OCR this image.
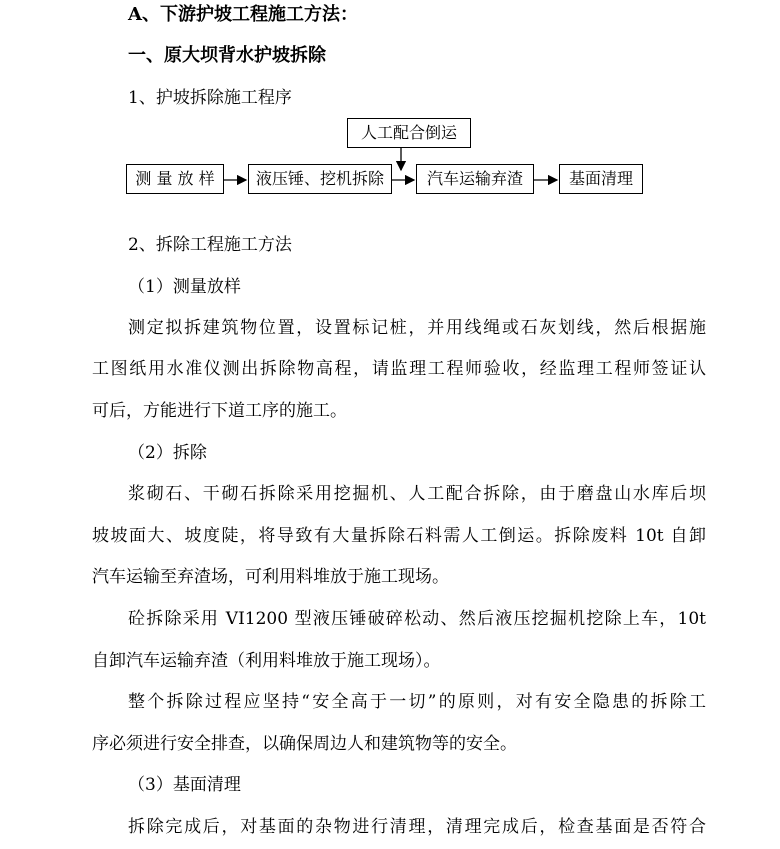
A、下游护坡工程施工方法：
一、原大坝背水护坡拆除
1、护坡拆除施工程序
人工配合倒运
测 量 放 样	液压锤、挖机拆除	汽车运输弃渣	基面清理
2、拆除工程施工方法
（1）测量放样
测定拟拆建筑物位置，设置标记桩，并用线绳或石灰划线，然后根据施
工图纸用水准仪测出拆除物高程，请监理工程师验收，经监理工程师签证认
可后，方能进行下道工序的施工。
（2）拆除
浆砌石、干砌石拆除采用挖掘机、人工配合拆除，由于磨盘山水库后坝
坡坡面大、坡度陡，将导致有大量拆除石料需人工倒运。拆除废料 10t 自卸
汽车运输至弃渣场，可利用料堆放于施工现场。
砼拆除采用 VI1200 型液压锤破碎松动、然后液压挖掘机挖除上车，10t
自卸汽车运输弃渣（利用料堆放于施工现场）。
整个拆除过程应坚持“安全高于一切”的原则，对有安全隐患的拆除工
序必须进行安全排查，以确保周边人和建筑物等的安全。
（3）基面清理
拆除完成后，对基面的杂物进行清理，清理完成后，检查基面是否符合
